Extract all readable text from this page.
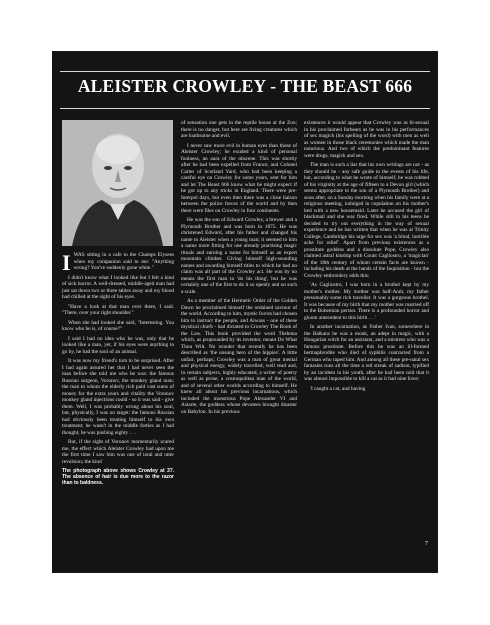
ALEISTER CROWLEY - THE BEAST 666

IWAS sitting in a cafe in the Champs Elysees when my companion said to me: "Anything wrong? You've suddenly gone white."

I didn't know what I looked like but I felt a kind of sick horror. A well-dressed, middle-aged man had just sat down two or three tables away and my blood had chilled at the sight of his eyes.

"Have a look at that man over there, I said. "There, over your right shoulder."

When she had looked she said, "Interesting. You know who he is, of course?"

I said I had no idea who he was, only that he looked like a man, yet, if his eyes were anything to go by, he had the soul of an animal.

It was now my friend's turn to be surprised. After I had again assured her that I had never seen the man before she told me who he was: the famous Russian surgeon, Voronov, the monkey gland man; the man to whom the elderly rich paid vast sums of money for the extra years and vitality the Voronov monkey gland injections could - so it was said - give them. Well, I was probably wrong about his soul, but, physically, I was on target: the famous Russian had obviously been treating himself to his own treatment; he wasn't in the middle forties as I had thought, he was pushing eighty . . .

But, if the sight of Voronov momentarily scared me, the effect which Aleister Crowley had upon me the first time I saw him was one of total and utter revulsion; the kind

The photograph above shows Crowley at 37. The absence of hair is due more to the razor than to baldness.

of sensation one gets in the reptile house at the Zoo; there is no danger, but here are living creatures which are loathsome and evil.

I never saw more evil in human eyes than those of Aleister Crowley; he exuded a kind of personal foulness, an aura of the obscene. This was shortly after he had been expelled from France, and Colonel Carter of Scotland Yard, who had been keeping a careful eye on Crowley for some years, sent for him and let The Beast 666 know what he might expect if he got up to any tricks in England. There were pre-Interpol days, but even then there was a close liaison between the police forces of the world and by then there were files on Crowley in four continents.

He was the son of Edward Crowley, a brewer and a Plymouth Brother and was born in 1875. He was christened Edward, after his father and changed his name to Aleister when a young man; it seemed to him a name more fitting for one already practising magic rituals and earning a name for himself as an expert mountain climber. Giving himself high-sounding names and awarding himself titles to which he had no claim was all part of the Crowley act. He was by no means the first man to 'do his thing', but he was certainly one of the first to do it so openly and on such a scale.

As a member of the Hermetic Order of the Golden Dawn he proclaimed himself the ordained saviour of the world. According to him, mystic forces had chosen him to instruct the people, and Aiwass - one of these mystical chiefs - had dictated to Crowley The Book of the Law. This book provided the word Thelema which, as propounded by its inventor, meant Do What Thou Wilt. No wonder that recently he has been described as 'the unsung hero of the hippies'. A little unfair, perhaps; Crowley was a man of great mental and physical energy, widely travelled, well read and, in certain subjects, highly educated, a writer of poetry as well as prose; a cosmopolitan man of the world, and of several other worlds according to himself. He knew all about his previous incarnations, which included the monstrous Pope Alexander VI and Astarte, the goddess whose devotees brought disaster on Babylon. In his previous

existences it would appear that Crowley was as bi-sexual in his proclaimed forbears as he was in his performances of sex magick (his spelling of the word) with men as well as women in those black ceremonies which made the man notorious. And two of which the predominant features were drugs, magick and sex.

The man is such a liar that his own writings are not - as they should be - any safe guide to the events of his life, but, according to what he wrote of himself, he was robbed of his virginity at the age of fifteen to a Devon girl (which seems appropriate to the son of a Plymouth Brother) and soon after, on a Sunday morning when his family were at a religious meeting, indulged in copulation on his mother's bed with a new housemaid. Later he accused the girl of blackmail and she was fired. While still in his teens he decided to try out everything in the way of sexual experience and he has written that when he was at Trinity College, Cambridge his urge for sex was 'a blind, horrible ache for relief'. Apart from previous existences as a prostitute goddess and a dissolute Pope, Crowley also claimed astral kinship with Count Cagliostro, a 'magician' of the 18th century of whom certain facts are known - including his death at the hands of the Inquisition - but the Crowley embroidery adds this:

'As Cagliostro, I was born in a brothel kept by my mother's mother. My mother was half-Arab, my father presumably some rich traveller. It was a gorgeous brothel. It was because of my birth that my mother was married off to the Bohemian person. There is a profounded horror and gloom antecedent to this birth . . .'

In another incarnation, as Father Ivan, somewhere in the Balkans he was a monk, an adept in magic, with a Hungarian witch for an assistant, and a mistress who was a famous prostitute. Before this he was an ill-formed hermaphrodite who died of syphilis contracted from a German who raped him. And among all these pre-natal sex fantasies runs all the time a red streak of sadism, typified by an incident in his youth, after he had been told that it was almost impossible to kill a cat as it had nine lives:

'I caught a cat, and having

7
